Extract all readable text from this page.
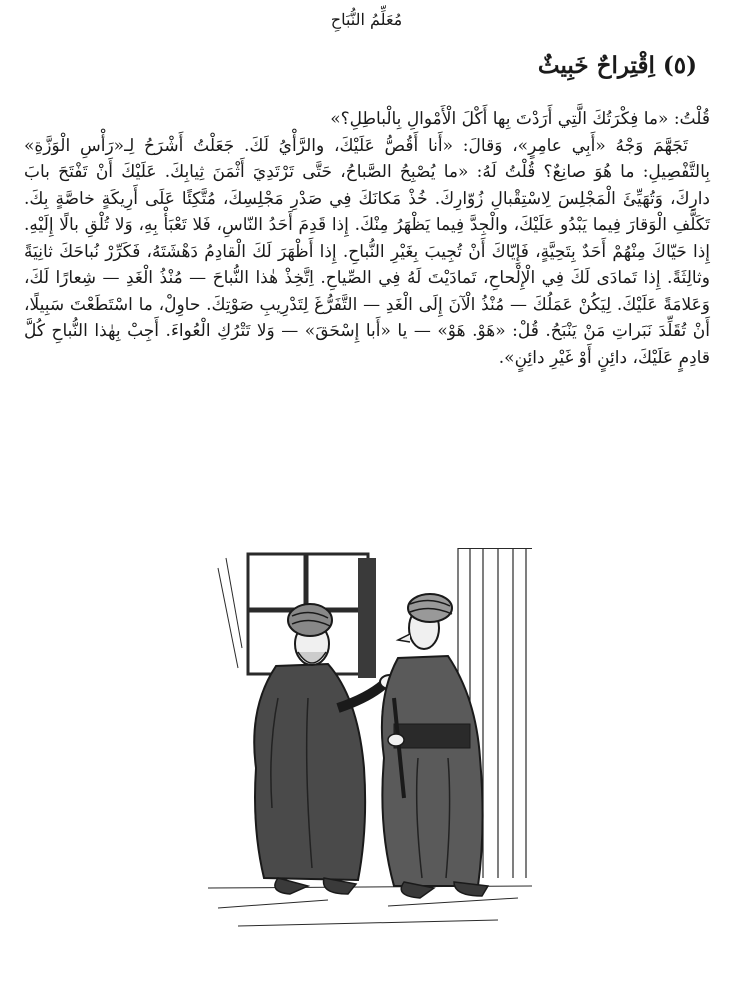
مُعَلِّمُ النُّبَاحِ
(٥) اِقْتِراحٌ خَبِيثٌ

قُلْتُ: «ما فِكْرَتُكَ الَّتِي أَرَدْتَ بِها أَكْلَ الْأَمْوالِ بِالْباطِلِ؟»

تَجَهَّمَ وَجْهُ «أَبِي عامِرٍ»، وَقالَ: «أَنا أَقُصُّ عَلَيْكَ، والرَّأْيُ لَكَ. جَعَلْتُ أَشْرَحُ لِـ«رَأْسِ الْوَزَّةِ» بِالتَّفْصِيلِ: ما هُوَ صانِعٌ؟ قُلْتُ لَهُ: «ما يُصْبِحُ الصَّباحُ، حَتَّى تَرْتَدِيَ أَثْمَنَ ثِيابِكَ. عَلَيْكَ أَنْ تَفْتَحَ بابَ دارِكَ، وَتُهَيِّئَ الْمَجْلِسَ لِاسْتِقْبالِ زُوّارِكَ. خُذْ مَكانَكَ فِي صَدْرِ مَجْلِسِكَ، مُتَّكِئًا عَلَى أَرِيكَةٍ خاصَّةٍ بِكَ. تَكَلَّفِ الْوَقارَ فِيما يَبْدُو عَلَيْكَ، والْجِدَّ فِيما يَظْهَرُ مِنْكَ. إِذا قَدِمَ أَحَدُ النّاسِ، فَلا تَعْبَأْ بِهِ، وَلا تُلْقِ بالًا إِلَيْهِ. إِذا حَيّاكَ مِنْهُمْ أَحَدٌ بِتَحِيَّةٍ، فَإِيّاكَ أَنْ تُجِيبَ بِغَيْرِ النُّباحِ. إِذا أَظْهَرَ لَكَ الْقادِمُ دَهْشَتَهُ، فَكَرِّرْ نُباحَكَ ثانِيَةً وثالِثَةً. إِذا تَمادَى لَكَ فِي الْإِلْحاحِ، تَمادَيْتَ لَهُ فِي الصِّياحِ. اِتَّخِذْ هٰذا النُّباحَ — مُنْذُ الْغَدِ — شِعارًا لَكَ، وَعَلامَةً عَلَيْكَ. لِيَكُنْ عَمَلُكَ — مُنْذُ الْآنَ إِلَى الْغَدِ — التَّفَرُّغَ لِتَدْرِيبِ صَوْتِكَ. حاوِلْ، ما اسْتَطَعْتَ سَبِيلًا، أَنْ تُقَلِّدَ نَبَراتِ مَنْ يَنْبَحُ. قُلْ: «هَوْ. هَوْ» — يا «أَبا إِسْحَقَ» — وَلا تَتْرُكِ الْعُواءَ. أَجِبْ بِهٰذا النُّباحِ كُلَّ قادِمٍ عَلَيْكَ، دائِنٍ أَوْ غَيْرِ دائِنٍ».
